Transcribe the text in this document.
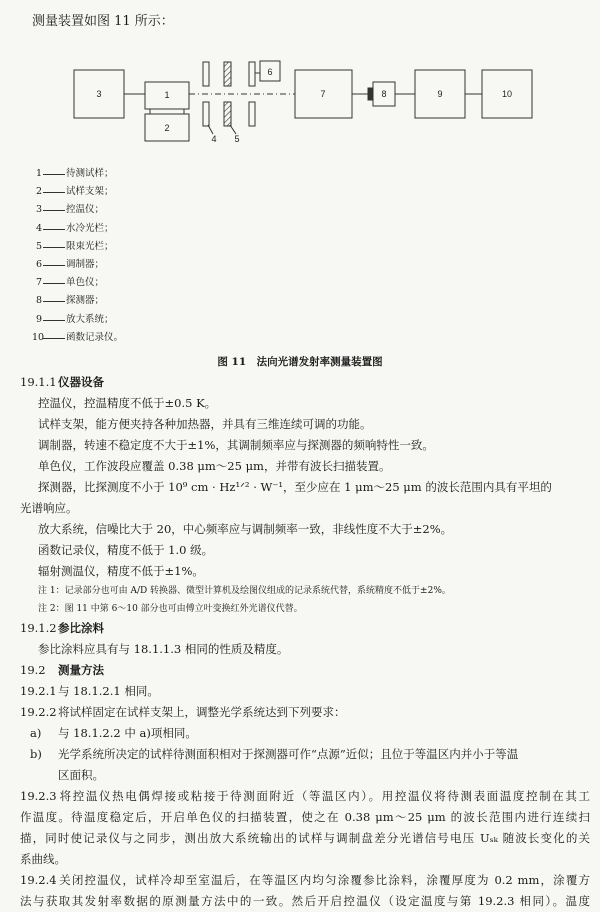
测量装置如图 11 所示：
3	1
2
4 5
6
7	8	9	10
1	待测试样；
2	试样支架；
3	控温仪；
4	水冷光栏；
5	限束光栏；
6	调制器；
7	单色仪；
8	探测器；
9	放大系统；
10 函数记录仪。
图 11　法向光谱发射率测量装置图
19.1.1仪器设备
控温仪，控温精度不低于±0.5 K。
试样支架，能方便夹持各种加热器，并具有三维连续可调的功能。
调制器，转速不稳定度不大于±1%，其调制频率应与探测器的频响特性一致。
单色仪，工作波段应覆盖 0.38 μm～25 μm，并带有波长扫描装置。
探测器，比探测度不小于 10⁹ cm · Hz¹ᐟ² · W⁻¹，至少应在 1 μm～25 μm 的波长范围内具有平坦的
光谱响应。
放大系统，信噪比大于 20，中心频率应与调制频率一致，非线性度不大于±2%。
函数记录仪，精度不低于 1.0 级。
辐射测温仪，精度不低于±1%。
注 1：记录部分也可由 A/D 转换器、微型计算机及绘图仪组成的记录系统代替，系统精度不低于±2%。
注 2：图 11 中第 6～10 部分也可由傅立叶变换红外光谱仪代替。
19.1.2参比涂料
参比涂料应具有与 18.1.1.3 相同的性质及精度。
19.2 测量方法
19.2.1与 18.1.2.1 相同。
19.2.2将试样固定在试样支架上，调整光学系统达到下列要求：
a) 与 18.1.2.2 中 a)项相同。
b) 光学系统所决定的试样待测面积相对于探测器可作“点源”近似；且位于等温区内并小于等温
区面积。
19.2.3将控温仪热电偶焊接或粘接于待测面附近（等温区内）。用控温仪将待测表面温度控制在其工
作温度。待温度稳定后，开启单色仪的扫描装置，使之在 0.38 μm～25 μm 的波长范围内进行连续扫
描，同时使记录仪与之同步，测出放大系统输出的试样与调制盘差分光谱信号电压 Uₛₖ 随波长变化的关
系曲线。
19.2.4关闭控温仪，试样冷却至室温后，在等温区内均匀涂覆参比涂料，涂覆厚度为 0.2 mm，涂覆方
法与获取其发射率数据的原测量方法中的一致。然后开启控温仪（设定温度与第 19.2.3 相同）。温度
